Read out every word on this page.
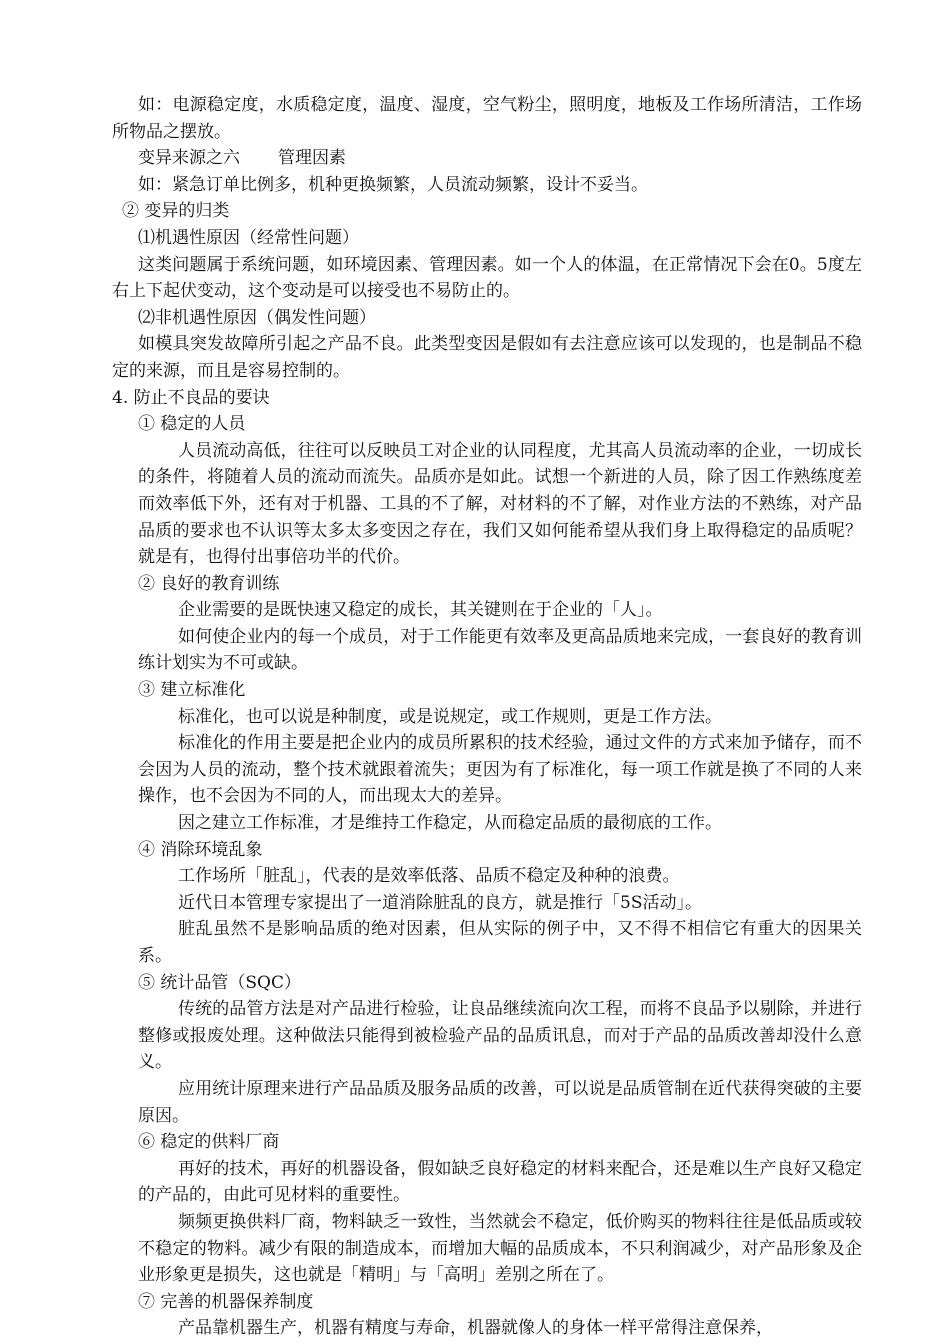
如：电源稳定度，水质稳定度，温度、湿度，空气粉尘，照明度，地板及工作场所清洁，工作场所物品之摆放。

变异来源之六 管理因素

如：紧急订单比例多，机种更换频繁，人员流动频繁，设计不妥当。

② 变异的归类

⑴机遇性原因（经常性问题）

这类问题属于系统问题，如环境因素、管理因素。如一个人的体温，在正常情况下会在0。5度左右上下起伏变动，这个变动是可以接受也不易防止的。

⑵非机遇性原因（偶发性问题）

如模具突发故障所引起之产品不良。此类型变因是假如有去注意应该可以发现的，也是制品不稳定的来源，而且是容易控制的。

4. 防止不良品的要诀

① 稳定的人员

人员流动高低，往往可以反映员工对企业的认同程度，尤其高人员流动率的企业，一切成长的条件，将随着人员的流动而流失。品质亦是如此。试想一个新进的人员，除了因工作熟练度差而效率低下外，还有对于机器、工具的不了解，对材料的不了解，对作业方法的不熟练，对产品品质的要求也不认识等太多太多变因之存在，我们又如何能希望从我们身上取得稳定的品质呢？就是有，也得付出事倍功半的代价。

② 良好的教育训练

企业需要的是既快速又稳定的成长，其关键则在于企业的「人」。

如何使企业内的每一个成员，对于工作能更有效率及更高品质地来完成，一套良好的教育训练计划实为不可或缺。

③ 建立标准化

标准化，也可以说是种制度，或是说规定，或工作规则，更是工作方法。

标准化的作用主要是把企业内的成员所累积的技术经验，通过文件的方式来加予储存，而不会因为人员的流动，整个技术就跟着流失；更因为有了标准化，每一项工作就是换了不同的人来操作，也不会因为不同的人，而出现太大的差异。

因之建立工作标准，才是维持工作稳定，从而稳定品质的最彻底的工作。

④ 消除环境乱象

工作场所「脏乱」，代表的是效率低落、品质不稳定及种种的浪费。

近代日本管理专家提出了一道消除脏乱的良方，就是推行「5S活动」。

脏乱虽然不是影响品质的绝对因素，但从实际的例子中，又不得不相信它有重大的因果关系。

⑤ 统计品管（SQC）

传统的品管方法是对产品进行检验，让良品继续流向次工程，而将不良品予以剔除，并进行整修或报废处理。这种做法只能得到被检验产品的品质讯息，而对于产品的品质改善却没什么意义。

应用统计原理来进行产品品质及服务品质的改善，可以说是品质管制在近代获得突破的主要原因。

⑥ 稳定的供料厂商

再好的技术，再好的机器设备，假如缺乏良好稳定的材料来配合，还是难以生产良好又稳定的产品的，由此可见材料的重要性。

频频更换供料厂商，物料缺乏一致性，当然就会不稳定，低价购买的物料往往是低品质或较不稳定的物料。减少有限的制造成本，而增加大幅的品质成本，不只利润减少，对产品形象及企业形象更是损失，这也就是「精明」与「高明」差别之所在了。

⑦ 完善的机器保养制度

产品靠机器生产，机器有精度与寿命，机器就像人的身体一样平常得注意保养，
